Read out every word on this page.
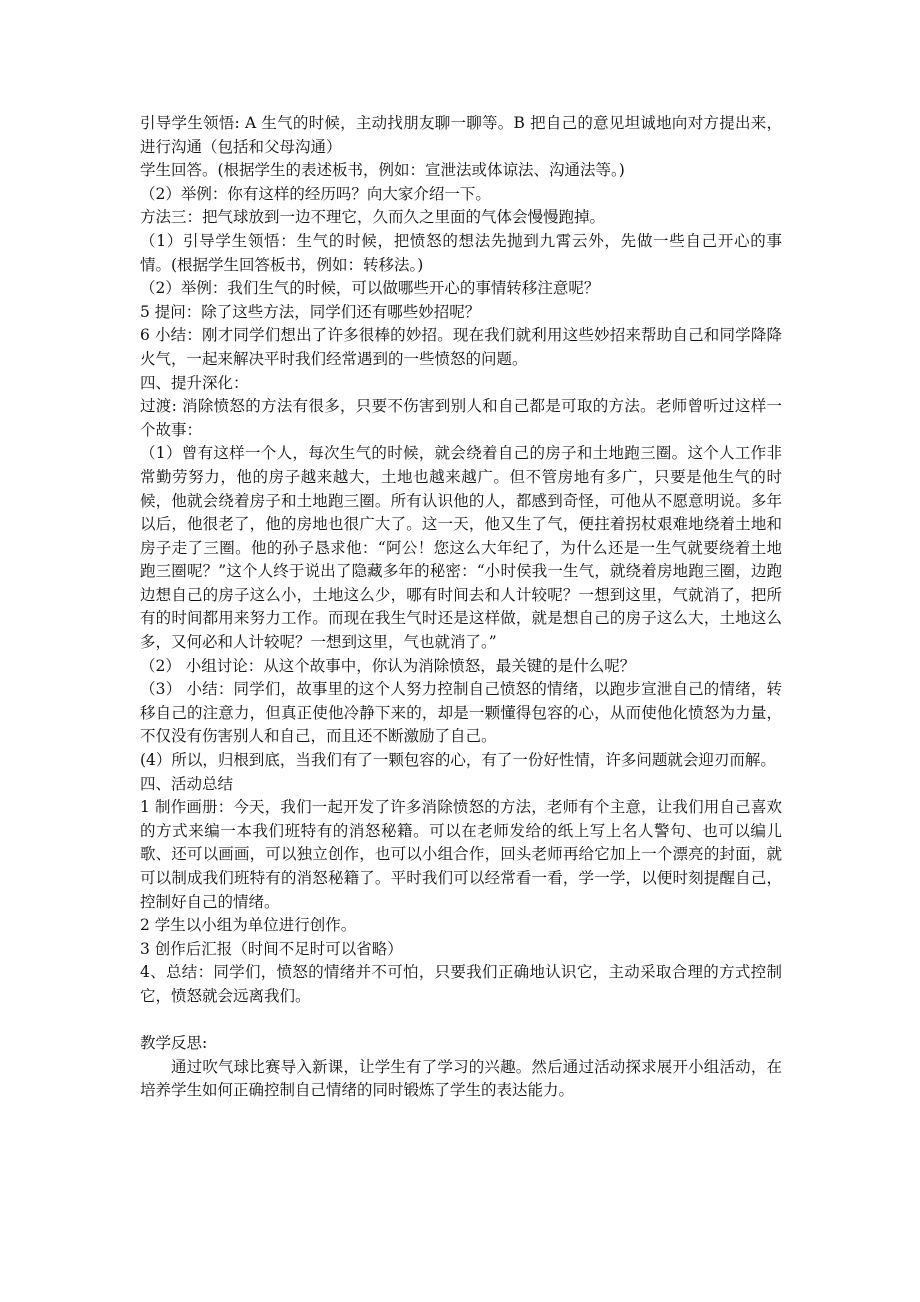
引导学生领悟: A 生气的时候，主动找朋友聊一聊等。B 把自己的意见坦诚地向对方提出来，进行沟通（包括和父母沟通）

学生回答。(根据学生的表述板书，例如：宣泄法或体谅法、沟通法等。)

（2）举例：你有这样的经历吗？向大家介绍一下。

方法三：把气球放到一边不理它，久而久之里面的气体会慢慢跑掉。

（1）引导学生领悟：生气的时候，把愤怒的想法先抛到九霄云外，先做一些自己开心的事情。(根据学生回答板书，例如：转移法。)

（2）举例：我们生气的时候，可以做哪些开心的事情转移注意呢？

5 提问：除了这些方法，同学们还有哪些妙招呢？

6 小结：刚才同学们想出了许多很棒的妙招。现在我们就利用这些妙招来帮助自己和同学降降火气，一起来解决平时我们经常遇到的一些愤怒的问题。

四、提升深化：

过渡: 消除愤怒的方法有很多，只要不伤害到别人和自己都是可取的方法。老师曾听过这样一个故事：

（1）曾有这样一个人，每次生气的时候，就会绕着自己的房子和土地跑三圈。这个人工作非常勤劳努力，他的房子越来越大，土地也越来越广。但不管房地有多广，只要是他生气的时候，他就会绕着房子和土地跑三圈。所有认识他的人，都感到奇怪，可他从不愿意明说。多年以后，他很老了，他的房地也很广大了。这一天，他又生了气，便拄着拐杖艰难地绕着土地和房子走了三圈。他的孙子恳求他：“阿公！您这么大年纪了，为什么还是一生气就要绕着土地跑三圈呢？”这个人终于说出了隐藏多年的秘密：“小时侯我一生气，就绕着房地跑三圈，边跑边想自己的房子这么小，土地这么少，哪有时间去和人计较呢？一想到这里，气就消了，把所有的时间都用来努力工作。而现在我生气时还是这样做，就是想自己的房子这么大，土地这么多，又何必和人计较呢？一想到这里，气也就消了。”

（2） 小组讨论：从这个故事中，你认为消除愤怒，最关键的是什么呢？

（3） 小结：同学们，故事里的这个人努力控制自己愤怒的情绪，以跑步宣泄自己的情绪，转移自己的注意力，但真正使他冷静下来的，却是一颗懂得包容的心，从而使他化愤怒为力量，不仅没有伤害别人和自己，而且还不断激励了自己。

(4）所以，归根到底，当我们有了一颗包容的心，有了一份好性情，许多问题就会迎刃而解。

四、活动总结

1 制作画册：今天，我们一起开发了许多消除愤怒的方法，老师有个主意，让我们用自己喜欢的方式来编一本我们班特有的消怒秘籍。可以在老师发给的纸上写上名人警句、也可以编儿歌、还可以画画，可以独立创作，也可以小组合作，回头老师再给它加上一个漂亮的封面，就可以制成我们班特有的消怒秘籍了。平时我们可以经常看一看，学一学，以便时刻提醒自己，控制好自己的情绪。

2 学生以小组为单位进行创作。

3 创作后汇报（时间不足时可以省略）

4、总结：同学们，愤怒的情绪并不可怕，只要我们正确地认识它，主动采取合理的方式控制它，愤怒就会远离我们。

教学反思:

通过吹气球比赛导入新课，让学生有了学习的兴趣。然后通过活动探求展开小组活动，在培养学生如何正确控制自己情绪的同时锻炼了学生的表达能力。
